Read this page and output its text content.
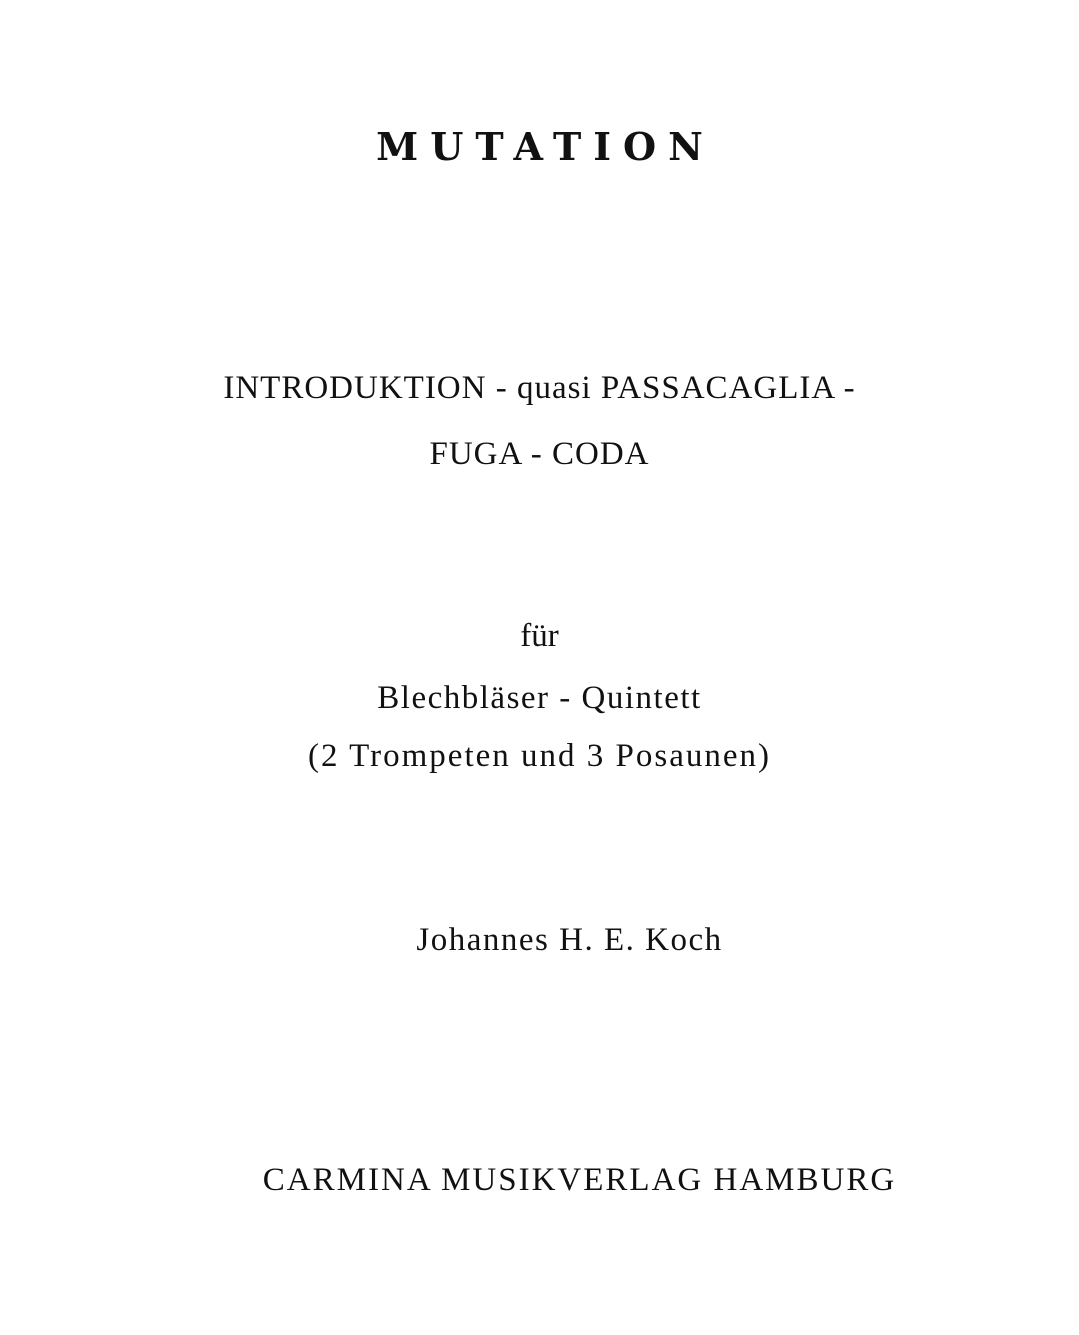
MUTATION
INTRODUKTION - quasi PASSACAGLIA -
FUGA - CODA
für
Blechbläser - Quintett
(2 Trompeten und 3 Posaunen)
Johannes H. E. Koch
CARMINA MUSIKVERLAG HAMBURG
